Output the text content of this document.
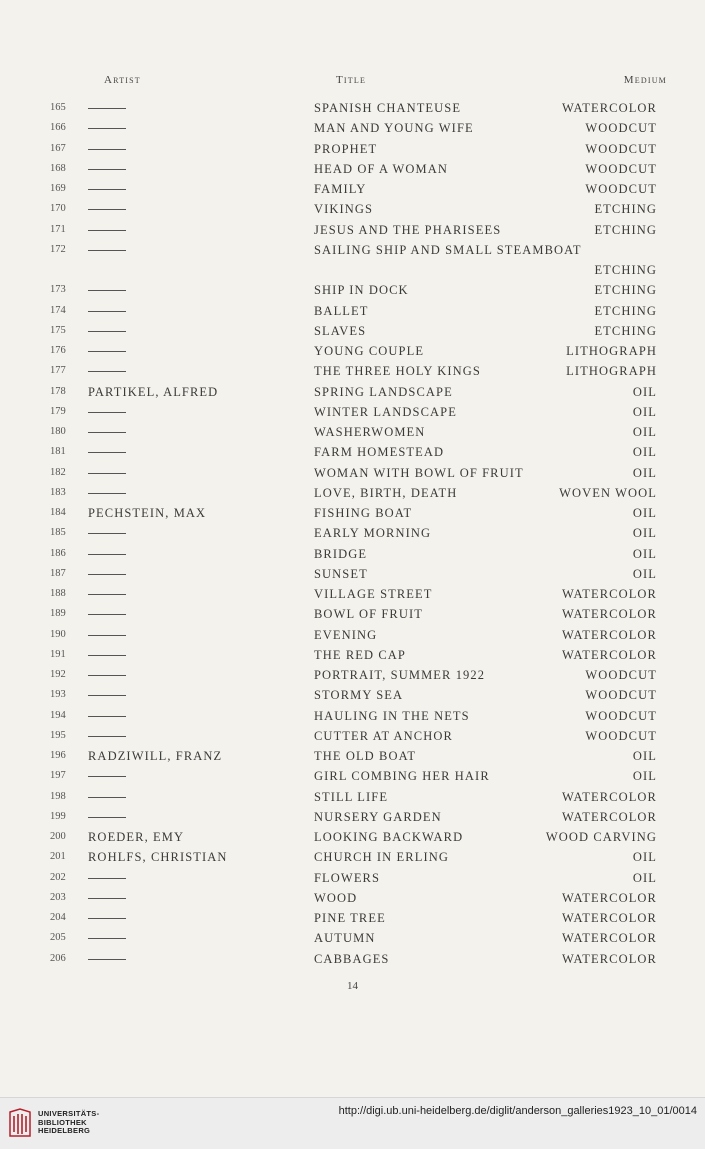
Artist	Title	Medium
165	SPANISH CHANTEUSE	WATERCOLOR
166	MAN AND YOUNG WIFE	WOODCUT
167	PROPHET	WOODCUT
168	HEAD OF A WOMAN	WOODCUT
169	FAMILY	WOODCUT
170	VIKINGS	ETCHING
171	JESUS AND THE PHARISEES	ETCHING
172	SAILING SHIP AND SMALL STEAMBOAT
ETCHING
173	SHIP IN DOCK	ETCHING
174	BALLET	ETCHING
175	SLAVES	ETCHING
176	YOUNG COUPLE	LITHOGRAPH
177	THE THREE HOLY KINGS	LITHOGRAPH
178 PARTIKEL, ALFRED	SPRING LANDSCAPE	OIL
179	WINTER LANDSCAPE	OIL
180	WASHERWOMEN	OIL
181	FARM HOMESTEAD	OIL
182	WOMAN WITH BOWL OF FRUIT	OIL
183	LOVE, BIRTH, DEATH	WOVEN WOOL
184 PECHSTEIN, MAX	FISHING BOAT	OIL
185	EARLY MORNING	OIL
186	BRIDGE	OIL
187	SUNSET	OIL
188	VILLAGE STREET	WATERCOLOR
189	BOWL OF FRUIT	WATERCOLOR
190	EVENING	WATERCOLOR
191	THE RED CAP	WATERCOLOR
192	PORTRAIT, SUMMER 1922	WOODCUT
193	STORMY SEA	WOODCUT
194	HAULING IN THE NETS	WOODCUT
195	CUTTER AT ANCHOR	WOODCUT
196 RADZIWILL, FRANZ	THE OLD BOAT	OIL
197	GIRL COMBING HER HAIR	OIL
198	STILL LIFE	WATERCOLOR
199	NURSERY GARDEN	WATERCOLOR
200 ROEDER, EMY	LOOKING BACKWARD	WOOD CARVING
201 ROHLFS, CHRISTIAN	CHURCH IN ERLING	OIL
202	FLOWERS	OIL
203	WOOD	WATERCOLOR
204	PINE TREE	WATERCOLOR
205	AUTUMN	WATERCOLOR
206	CABBAGES	WATERCOLOR
14
UNIVERSITÄTS-
BIBLIOTHEK
HEIDELBERG
http://digi.ub.uni-heidelberg.de/diglit/anderson_galleries1923_10_01/0014
